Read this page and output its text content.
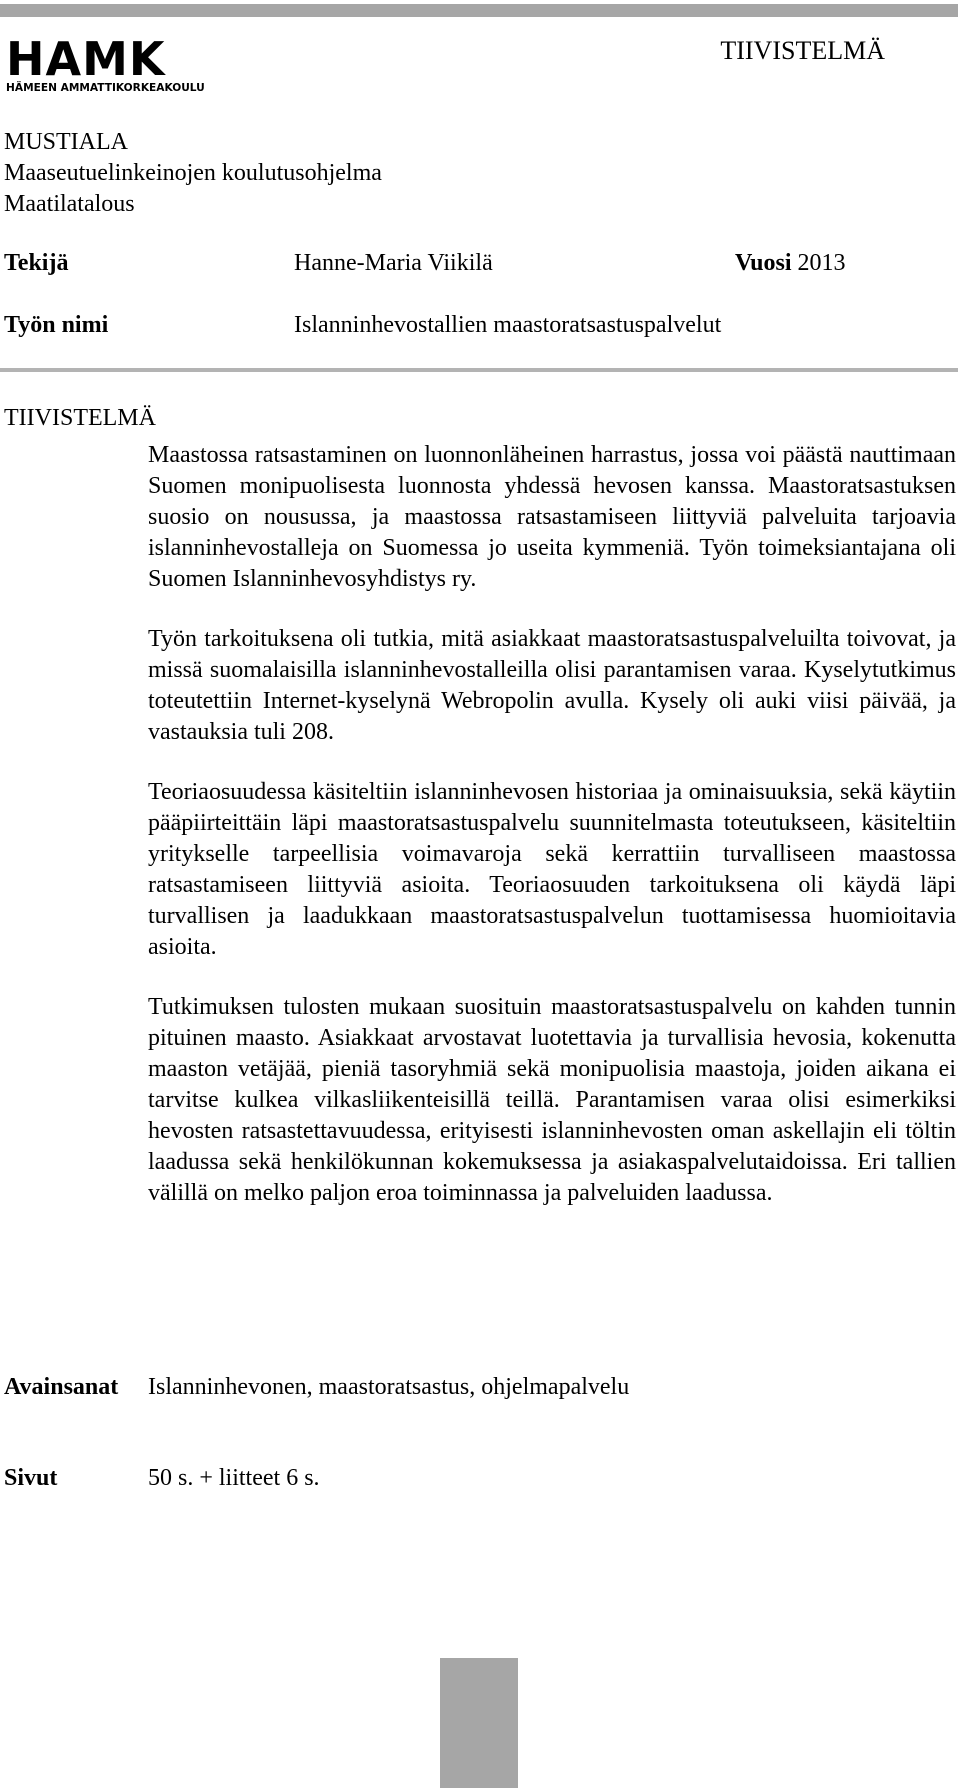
HAMK
HÄMEEN AMMATTIKORKEAKOULU
TIIVISTELMÄ
MUSTIALA
Maaseutuelinkeinojen koulutusohjelma
Maatilatalous
Tekijä	Hanne-Maria Viikilä	Vuosi 2013
Työn nimi	Islanninhevostallien maastoratsastuspalvelut
TIIVISTELMÄ

Maastossa ratsastaminen on luonnonläheinen harrastus, jossa voi päästä nauttimaan Suomen monipuolisesta luonnosta yhdessä hevosen kanssa. Maastoratsastuksen suosio on nousussa, ja maastossa ratsastamiseen liittyviä palveluita tarjoavia islanninhevostalleja on Suomessa jo useita kymmeniä. Työn toimeksiantajana oli Suomen Islanninhevosyhdistys ry.

Työn tarkoituksena oli tutkia, mitä asiakkaat maastoratsastuspalveluilta toivovat, ja missä suomalaisilla islanninhevostalleilla olisi parantamisen varaa. Kyselytutkimus toteutettiin Internet-kyselynä Webropolin avulla. Kysely oli auki viisi päivää, ja vastauksia tuli 208.

Teoriaosuudessa käsiteltiin islanninhevosen historiaa ja ominaisuuksia, sekä käytiin pääpiirteittäin läpi maastoratsastuspalvelu suunnitelmasta toteutukseen, käsiteltiin yritykselle tarpeellisia voimavaroja sekä kerrattiin turvalliseen maastossa ratsastamiseen liittyviä asioita. Teoriaosuuden tarkoituksena oli käydä läpi turvallisen ja laadukkaan maastoratsastuspalvelun tuottamisessa huomioitavia asioita.

Tutkimuksen tulosten mukaan suosituin maastoratsastuspalvelu on kahden tunnin pituinen maasto. Asiakkaat arvostavat luotettavia ja turvallisia hevosia, kokenutta maaston vetäjää, pieniä tasoryhmiä sekä monipuolisia maastoja, joiden aikana ei tarvitse kulkea vilkasliikenteisillä teillä. Parantamisen varaa olisi esimerkiksi hevosten ratsastettavuudessa, erityisesti islanninhevosten oman askellajin eli töltin laadussa sekä henkilökunnan kokemuksessa ja asiakaspalvelutaidoissa. Eri tallien välillä on melko paljon eroa toiminnassa ja palveluiden laadussa.

Avainsanat Islanninhevonen, maastoratsastus, ohjelmapalvelu
Sivut	50 s. + liitteet 6 s.
